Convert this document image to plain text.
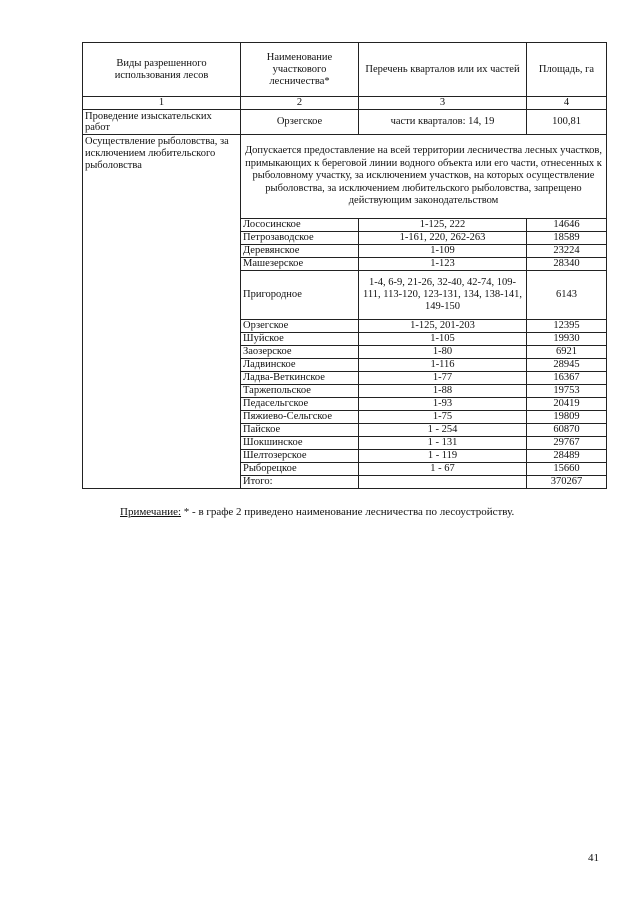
Виды разрешенного использования лесов	Наименование участкового лесничества*	Перечень кварталов или их частей	Площадь, га
1	2	3	4
Проведение изыскательских работ	Орзегское	части кварталов: 14, 19	100,81
Осуществление рыболовства, за исключением любительского рыболовства	Допускается предоставление на всей территории лесничества лесных участков, примыкающих к береговой линии водного объекта или его части, отнесенных к рыболовному участку, за исключением участков, на которых осуществление рыболовства, за исключением любительского рыболовства, запрещено действующим законодательством		
	Лососинское	1-125, 222	14646
	Петрозаводское	1-161, 220, 262-263	18589
	Деревянское	1-109	23224
	Машезерское	1-123	28340
	Пригородное	1-4, 6-9, 21-26, 32-40, 42-74, 109-111, 113-120, 123-131, 134, 138-141, 149-150	6143
	Орзегское	1-125, 201-203	12395
	Шуйское	1-105	19930
	Заозерское	1-80	6921
	Ладвинское	1-116	28945
	Ладва-Веткинское	1-77	16367
	Таржепольское	1-88	19753
	Педасельгское	1-93	20419
	Пяжиево-Сельгское	1-75	19809
	Пайское	1 - 254	60870
	Шокшинское	1 - 131	29767
	Шелтозерское	1 - 119	28489
	Рыборецкое	1 - 67	15660
	Итого:		370267
Примечание: * - в графе 2 приведено наименование лесничества по лесоустройству.
41
